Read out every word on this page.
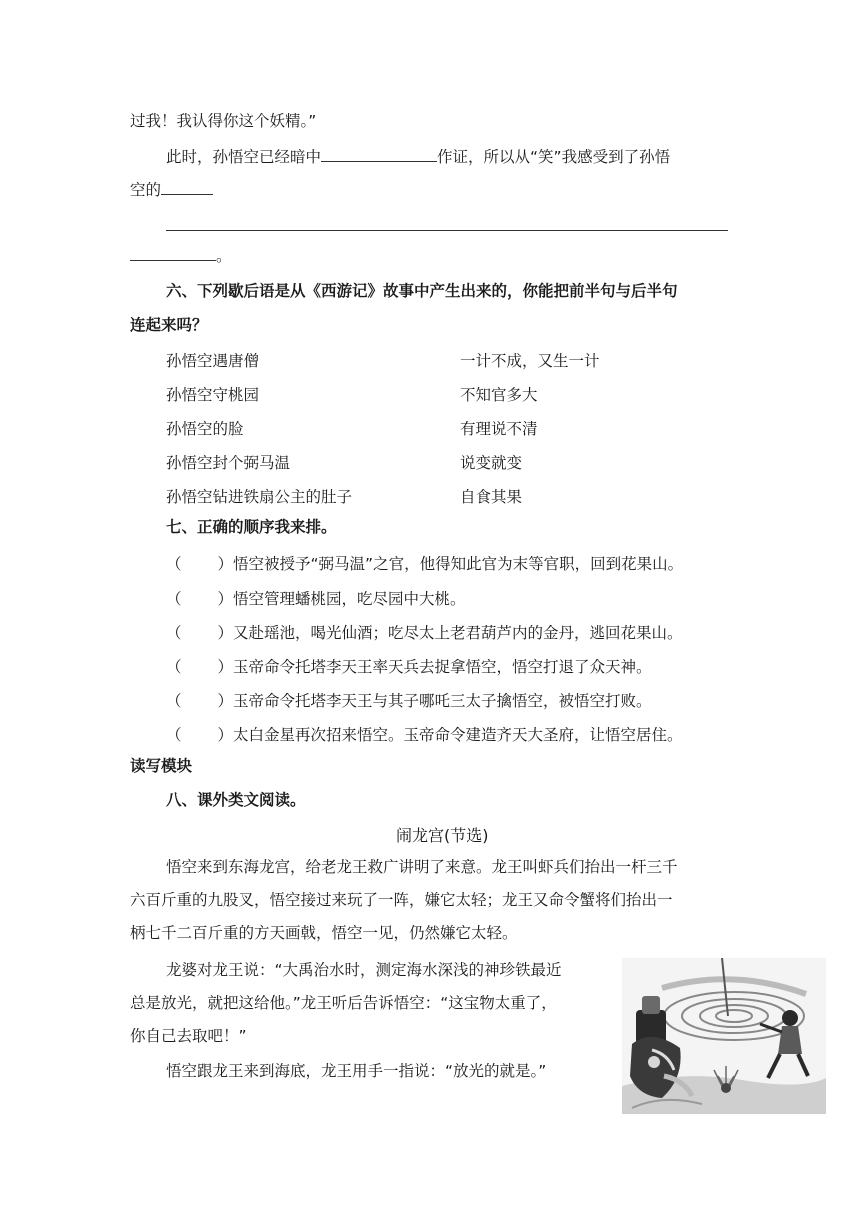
过我！我认得你这个妖精。”
此时，孙悟空已经暗中	作证，所以从“笑”我感受到了孙悟
空的
。
六、下列歇后语是从《西游记》故事中产生出来的，你能把前半句与后半句
连起来吗？
孙悟空遇唐僧
孙悟空守桃园
孙悟空的脸
孙悟空封个弼马温
孙悟空钻进铁扇公主的肚子
一计不成，又生一计
不知官多大
有理说不清
说变就变
自食其果
七、正确的顺序我来排。
（ ）悟空被授予“弼马温”之官，他得知此官为末等官职，回到花果山。
（ ）悟空管理蟠桃园，吃尽园中大桃。
（ ）又赴瑶池，喝光仙酒；吃尽太上老君葫芦内的金丹，逃回花果山。
（ ）玉帝命令托塔李天王率天兵去捉拿悟空，悟空打退了众天神。
（ ）玉帝命令托塔李天王与其子哪吒三太子擒悟空，被悟空打败。
（ ）太白金星再次招来悟空。玉帝命令建造齐天大圣府，让悟空居住。
读写模块
八、课外类文阅读。
闹龙宫(节选)
悟空来到东海龙宫，给老龙王救广讲明了来意。龙王叫虾兵们抬出一杆三千
六百斤重的九股叉，悟空接过来玩了一阵，嫌它太轻；龙王又命令蟹将们抬出一
柄七千二百斤重的方天画戟，悟空一见，仍然嫌它太轻。
龙婆对龙王说：“大禹治水时，测定海水深浅的神珍铁最近
总是放光，就把这给他。”龙王听后告诉悟空：“这宝物太重了，
你自己去取吧！”
悟空跟龙王来到海底，龙王用手一指说：“放光的就是。”
